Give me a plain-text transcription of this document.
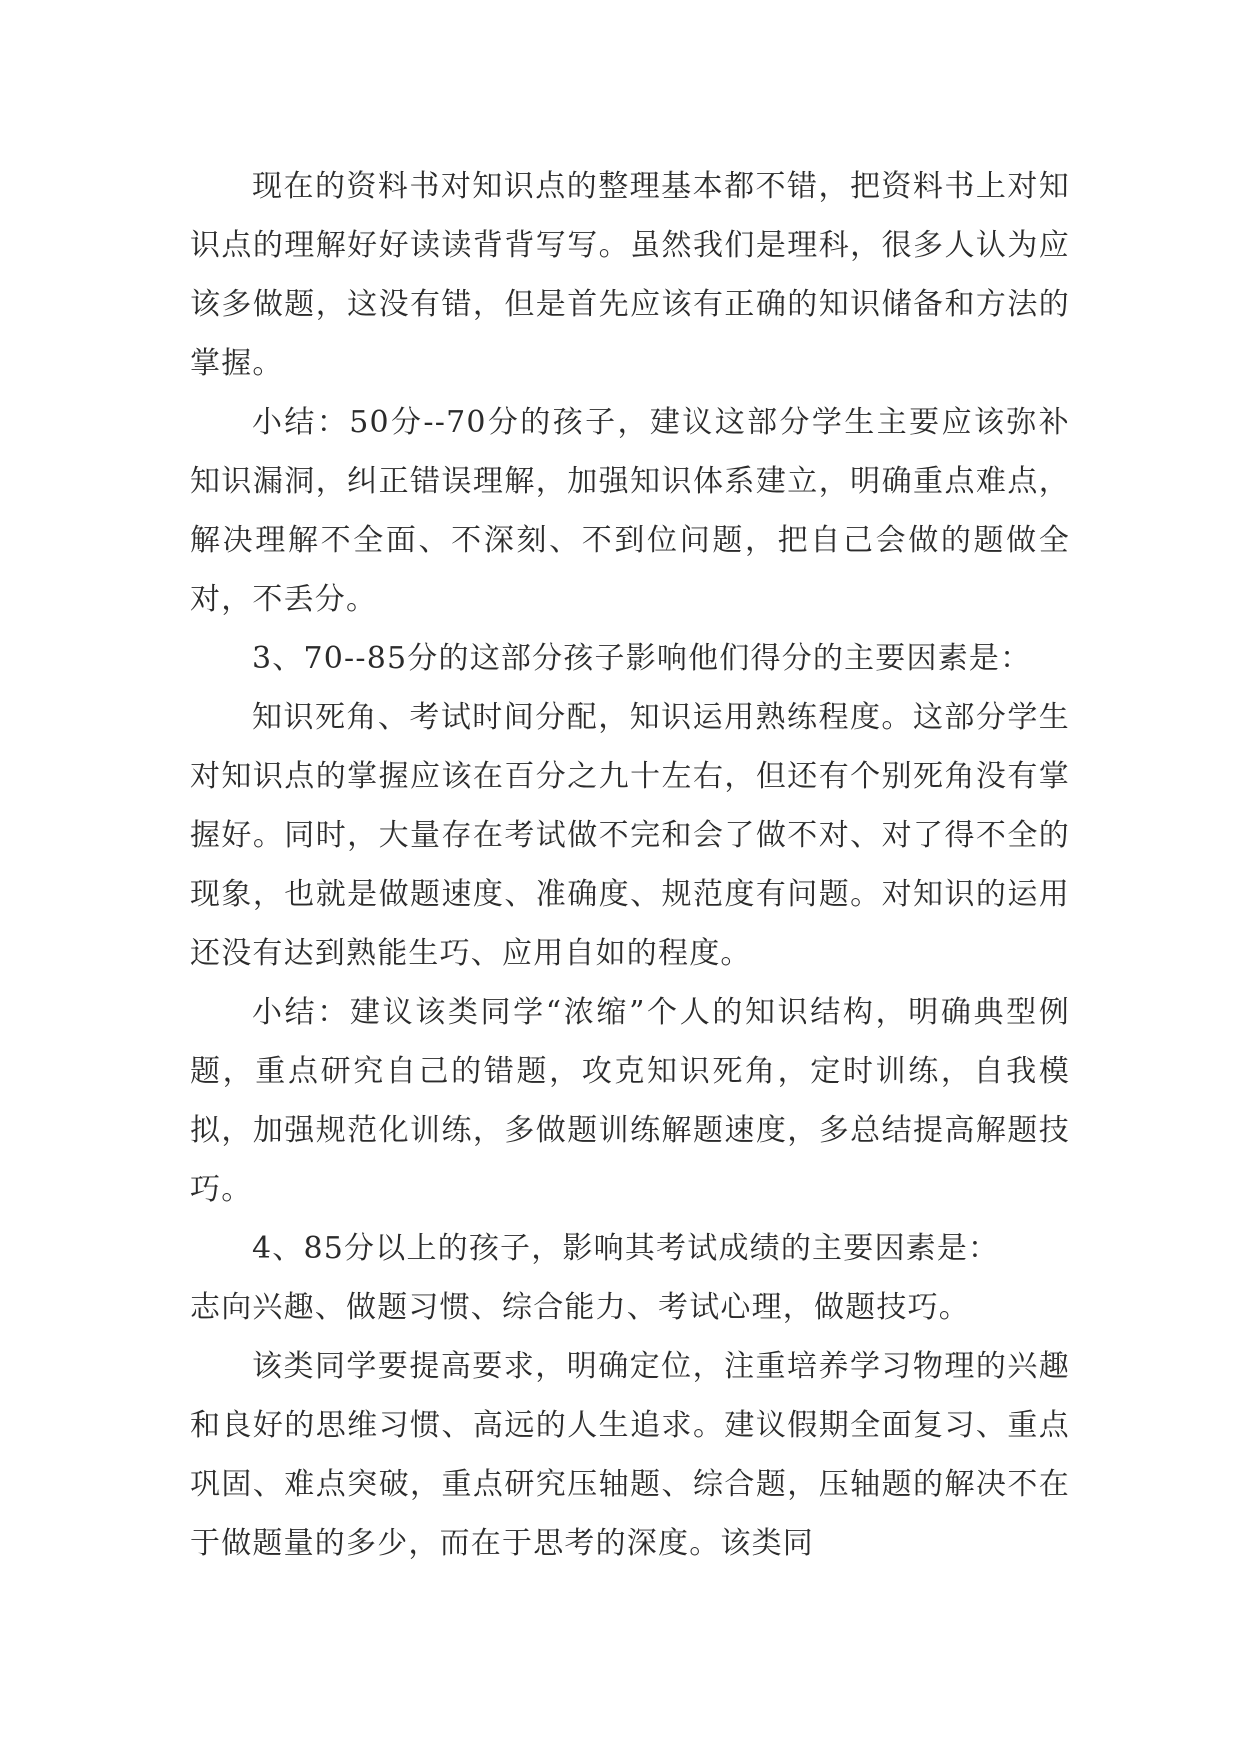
现在的资料书对知识点的整理基本都不错，把资料书上对知识点的理解好好读读背背写写。虽然我们是理科，很多人认为应该多做题，这没有错，但是首先应该有正确的知识储备和方法的掌握。

小结：50分--70分的孩子，建议这部分学生主要应该弥补知识漏洞，纠正错误理解，加强知识体系建立，明确重点难点，解决理解不全面、不深刻、不到位问题，把自己会做的题做全对，不丢分。

3、70--85分的这部分孩子影响他们得分的主要因素是：

知识死角、考试时间分配，知识运用熟练程度。这部分学生对知识点的掌握应该在百分之九十左右，但还有个别死角没有掌握好。同时，大量存在考试做不完和会了做不对、对了得不全的现象，也就是做题速度、准确度、规范度有问题。对知识的运用还没有达到熟能生巧、应用自如的程度。

小结：建议该类同学“浓缩”个人的知识结构，明确典型例题，重点研究自己的错题，攻克知识死角，定时训练，自我模拟，加强规范化训练，多做题训练解题速度，多总结提高解题技巧。

4、85分以上的孩子，影响其考试成绩的主要因素是：

志向兴趣、做题习惯、综合能力、考试心理，做题技巧。

该类同学要提高要求，明确定位，注重培养学习物理的兴趣和良好的思维习惯、高远的人生追求。建议假期全面复习、重点巩固、难点突破，重点研究压轴题、综合题，压轴题的解决不在于做题量的多少，而在于思考的深度。该类同
